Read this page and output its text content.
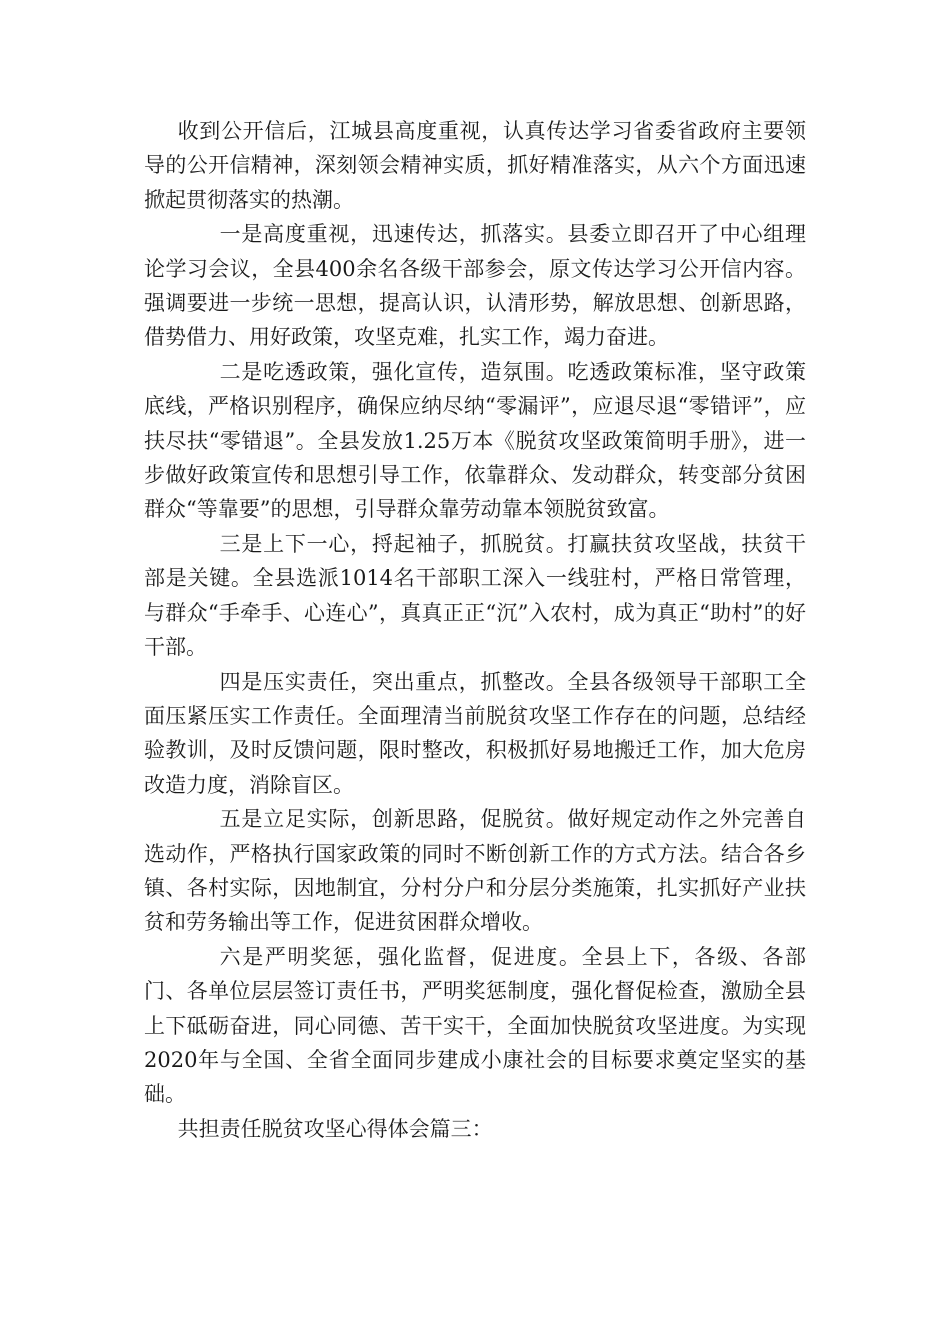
收到公开信后，江城县高度重视，认真传达学习省委省政府主要领导的公开信精神，深刻领会精神实质，抓好精准落实，从六个方面迅速掀起贯彻落实的热潮。

一是高度重视，迅速传达，抓落实。县委立即召开了中心组理论学习会议，全县400余名各级干部参会，原文传达学习公开信内容。强调要进一步统一思想，提高认识，认清形势，解放思想、创新思路，借势借力、用好政策，攻坚克难，扎实工作，竭力奋进。

二是吃透政策，强化宣传，造氛围。吃透政策标准，坚守政策底线，严格识别程序，确保应纳尽纳“零漏评”，应退尽退“零错评”，应扶尽扶“零错退”。全县发放1.25万本《脱贫攻坚政策简明手册》，进一步做好政策宣传和思想引导工作，依靠群众、发动群众，转变部分贫困群众“等靠要”的思想，引导群众靠劳动靠本领脱贫致富。

三是上下一心，捋起袖子，抓脱贫。打赢扶贫攻坚战，扶贫干部是关键。全县选派1014名干部职工深入一线驻村，严格日常管理，与群众“手牵手、心连心”，真真正正“沉”入农村，成为真正“助村”的好干部。

四是压实责任，突出重点，抓整改。全县各级领导干部职工全面压紧压实工作责任。全面理清当前脱贫攻坚工作存在的问题，总结经验教训，及时反馈问题，限时整改，积极抓好易地搬迁工作，加大危房改造力度，消除盲区。

五是立足实际，创新思路，促脱贫。做好规定动作之外完善自选动作，严格执行国家政策的同时不断创新工作的方式方法。结合各乡镇、各村实际，因地制宜，分村分户和分层分类施策，扎实抓好产业扶贫和劳务输出等工作，促进贫困群众增收。

六是严明奖惩，强化监督，促进度。全县上下，各级、各部门、各单位层层签订责任书，严明奖惩制度，强化督促检查，激励全县上下砥砺奋进，同心同德、苦干实干，全面加快脱贫攻坚进度。为实现2020年与全国、全省全面同步建成小康社会的目标要求奠定坚实的基础。

共担责任脱贫攻坚心得体会篇三：
